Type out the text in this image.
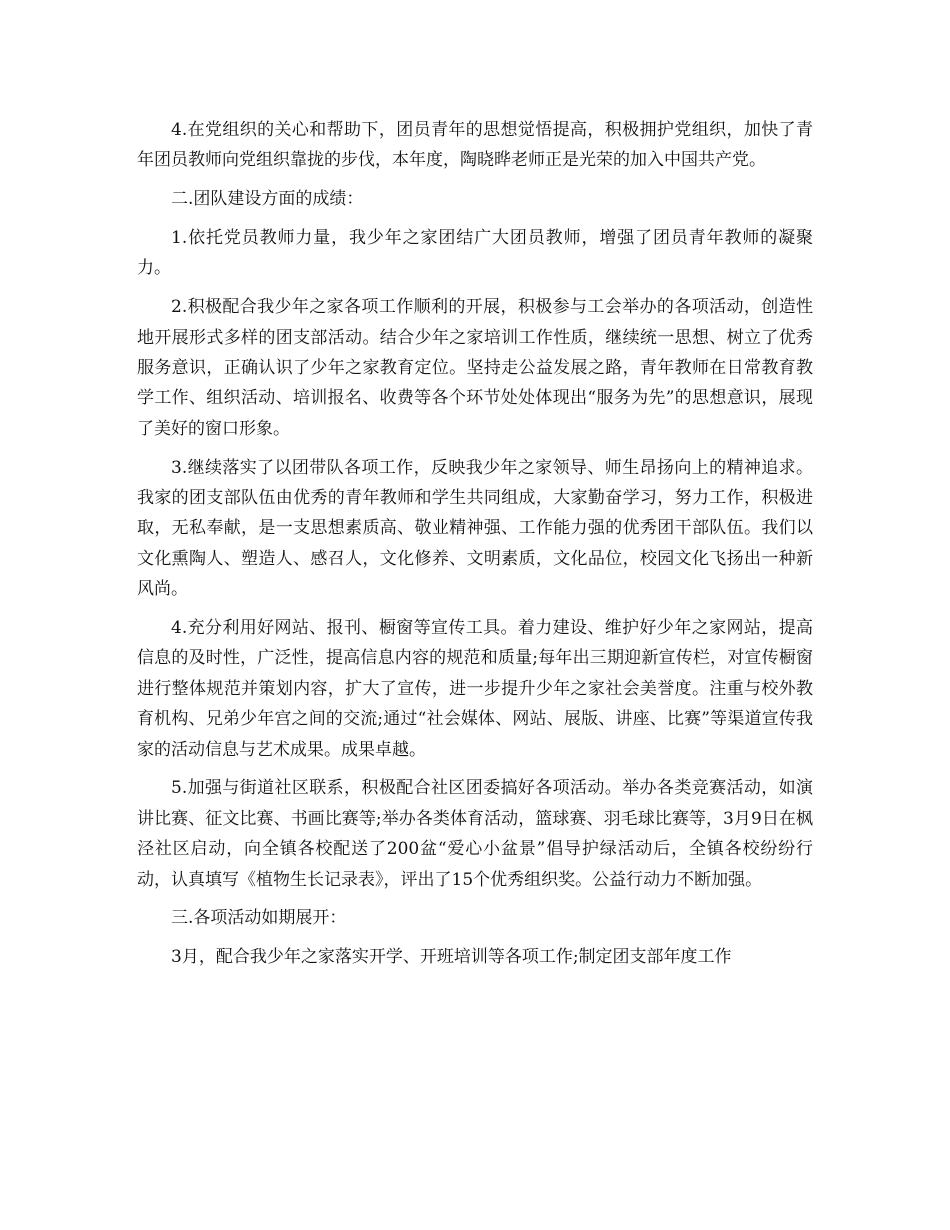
4.在党组织的关心和帮助下，团员青年的思想觉悟提高，积极拥护党组织，加快了青年团员教师向党组织靠拢的步伐，本年度，陶晓晔老师正是光荣的加入中国共产党。

二.团队建设方面的成绩：

1.依托党员教师力量，我少年之家团结广大团员教师，增强了团员青年教师的凝聚力。

2.积极配合我少年之家各项工作顺利的开展，积极参与工会举办的各项活动，创造性地开展形式多样的团支部活动。结合少年之家培训工作性质，继续统一思想、树立了优秀服务意识，正确认识了少年之家教育定位。坚持走公益发展之路，青年教师在日常教育教学工作、组织活动、培训报名、收费等各个环节处处体现出“服务为先”的思想意识，展现了美好的窗口形象。

3.继续落实了以团带队各项工作，反映我少年之家领导、师生昂扬向上的精神追求。我家的团支部队伍由优秀的青年教师和学生共同组成，大家勤奋学习，努力工作，积极进取，无私奉献，是一支思想素质高、敬业精神强、工作能力强的优秀团干部队伍。我们以文化熏陶人、塑造人、感召人，文化修养、文明素质，文化品位，校园文化飞扬出一种新风尚。

4.充分利用好网站、报刊、橱窗等宣传工具。着力建设、维护好少年之家网站，提高信息的及时性，广泛性，提高信息内容的规范和质量;每年出三期迎新宣传栏，对宣传橱窗进行整体规范并策划内容，扩大了宣传，进一步提升少年之家社会美誉度。注重与校外教育机构、兄弟少年宫之间的交流;通过“社会媒体、网站、展版、讲座、比赛”等渠道宣传我家的活动信息与艺术成果。成果卓越。

5.加强与街道社区联系，积极配合社区团委搞好各项活动。举办各类竞赛活动，如演讲比赛、征文比赛、书画比赛等;举办各类体育活动，篮球赛、羽毛球比赛等，3月9日在枫泾社区启动，向全镇各校配送了200盆“爱心小盆景”倡导护绿活动后，全镇各校纷纷行动，认真填写《植物生长记录表》，评出了15个优秀组织奖。公益行动力不断加强。

三.各项活动如期展开：

3月，配合我少年之家落实开学、开班培训等各项工作;制定团支部年度工作
